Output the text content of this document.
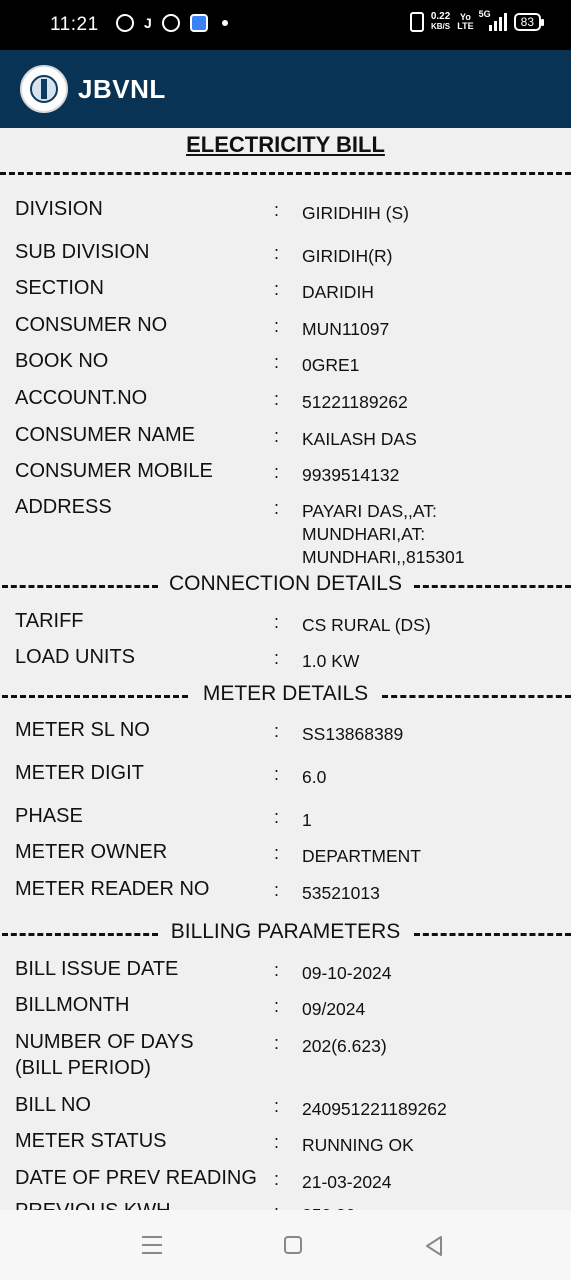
11:21	J	0.22
KB/S
Yo
LTE
5G
83
JBVNL
ELECTRICITY BILL
DIVISION	: GIRIDHIH (S)
SUB DIVISION	: GIRIDIH(R)
SECTION	: DARIDIH
CONSUMER NO	: MUN11097
BOOK NO	: 0GRE1
ACCOUNT.NO	: 51221189262
CONSUMER NAME	: KAILASH DAS
CONSUMER MOBILE	: 9939514132
ADDRESS	: PAYARI DAS,,AT: MUNDHARI,AT: MUNDHARI,,815301
CONNECTION DETAILS
TARIFF	: CS RURAL (DS)
LOAD UNITS	: 1.0 KW
METER DETAILS
METER SL NO	: SS13868389
METER DIGIT	: 6.0
PHASE	: 1
METER OWNER	: DEPARTMENT
METER READER NO	: 53521013
BILLING PARAMETERS
BILL ISSUE DATE	: 09-10-2024
BILLMONTH	: 09/2024
NUMBER OF DAYS
(BILL PERIOD)
: 202(6.623)
BILL NO	: 240951221189262
METER STATUS	: RUNNING OK
DATE OF PREV READING : 21-03-2024
